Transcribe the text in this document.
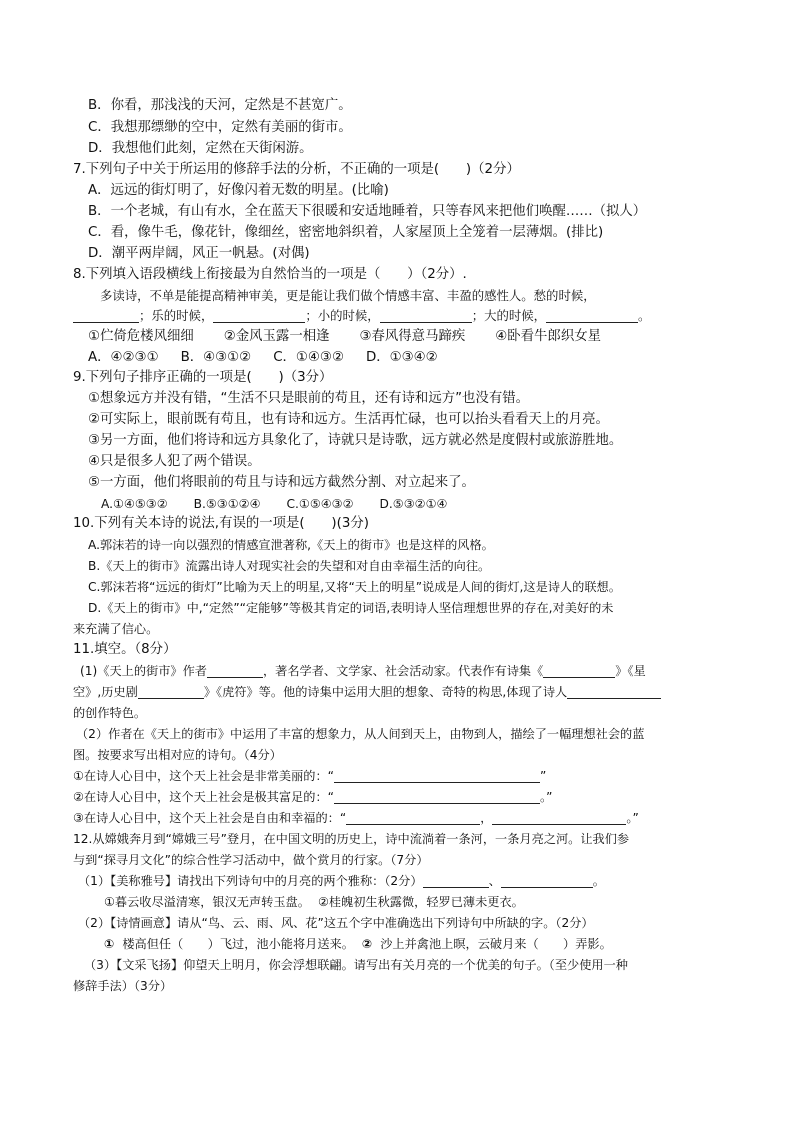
B．你看，那浅浅的天河，定然是不甚宽广。
C．我想那缥缈的空中，定然有美丽的街市。
D．我想他们此刻，定然在天街闲游。
7.下列句子中关于所运用的修辞手法的分析，不正确的一项是(　　)（2分）
A．远远的街灯明了，好像闪着无数的明星。(比喻)
B．一个老城，有山有水，全在蓝天下很暖和安适地睡着，只等春风来把他们唤醒……（拟人）
C．看，像牛毛，像花针，像细丝，密密地斜织着，人家屋顶上全笼着一层薄烟。(排比)
D．潮平两岸阔，风正一帆悬。(对偶)
8.下列填入语段横线上衔接最为自然恰当的一项是（　　）（2分）.
多读诗，不单是能提高精神审美，更是能让我们做个情感丰富、丰盈的感性人。愁的时候，
；乐的时候，	；小的时候，	；大的时候，	。
①伫倚危楼风细细 ②金风玉露一相逢 ③春风得意马蹄疾 ④卧看牛郎织女星
A．④②③① B．④③①② C．①④③② D．①③④②
9.下列句子排序正确的一项是(　　)（3分）
①想象远方并没有错，“生活不只是眼前的苟且，还有诗和远方”也没有错。
②可实际上，眼前既有苟且，也有诗和远方。生活再忙碌，也可以抬头看看天上的月亮。
③另一方面，他们将诗和远方具象化了，诗就只是诗歌，远方就必然是度假村或旅游胜地。
④只是很多人犯了两个错误。
⑤一方面，他们将眼前的苟且与诗和远方截然分割、对立起来了。
A.①④⑤③② B.⑤③①②④ C.①⑤④③② D.⑤③②①④
10.下列有关本诗的说法,有误的一项是(　　)(3分)
A.郭沫若的诗一向以强烈的情感宣泄著称,《天上的街市》也是这样的风格。
B.《天上的街市》流露出诗人对现实社会的失望和对自由幸福生活的向往。
C.郭沫若将“远远的街灯”比喻为天上的明星,又将“天上的明星”说成是人间的街灯,这是诗人的联想。
D.《天上的街市》中,“定然”“定能够”等极其肯定的词语,表明诗人坚信理想世界的存在,对美好的未
来充满了信心。
11.填空。（8分）
(1)《天上的街市》作者	，著名学者、文学家、社会活动家。代表作有诗集《	》《星
空》,历史剧	》《虎符》等。他的诗集中运用大胆的想象、奇特的构思,体现了诗人
的创作特色。
（2）作者在《天上的街市》中运用了丰富的想象力，从人间到天上，由物到人，描绘了一幅理想社会的蓝
图。按要求写出相对应的诗句。（4分）
①在诗人心目中，这个天上社会是非常美丽的：“	”
②在诗人心目中，这个天上社会是极其富足的：“	。”
③在诗人心目中，这个天上社会是自由和幸福的：“	，	。”
12.从嫦娥奔月到“嫦娥三号”登月，在中国文明的历史上，诗中流淌着一条河，一条月亮之河。让我们参
与到“探寻月文化”的综合性学习活动中，做个赏月的行家。（7分）
（1）【美称雅号】请找出下列诗句中的月亮的两个雅称：（2分）	、	。
①暮云收尽溢清寒，银汉无声转玉盘。 ②桂魄初生秋露微，轻罗已薄未更衣。
（2）【诗情画意】请从“鸟、云、雨、风、花”这五个字中准确选出下列诗句中所缺的字。（2分）
① 楼高但任（　　）飞过，池小能将月送来。 ② 沙上并禽池上暝，云破月来（　　）弄影。
（3）【文采飞扬】仰望天上明月，你会浮想联翩。请写出有关月亮的一个优美的句子。（至少使用一种
修辞手法）（3分）
